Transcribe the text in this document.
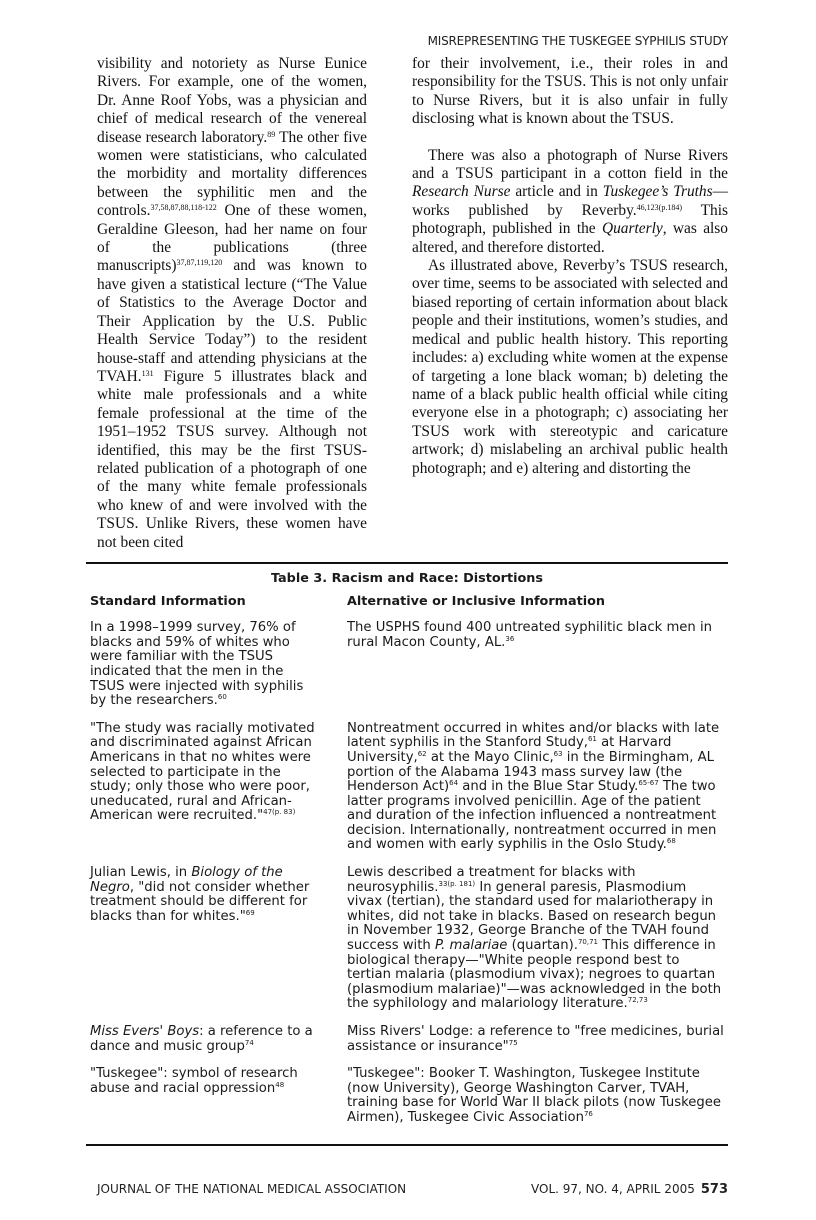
MISREPRESENTING THE TUSKEGEE SYPHILIS STUDY

visibility and notoriety as Nurse Eunice Rivers. For example, one of the women, Dr. Anne Roof Yobs, was a physician and chief of medical research of the venereal disease research laboratory.$^{89}$ The other five women were statisticians, who calculated the morbidity and mortality differences between the syphilitic men and the controls.$^{37,58,87,88,118-122}$ One of these women, Geraldine Gleeson, had her name on four of the publications (three manuscripts)$^{37,87,119,120}$ and was known to have given a statistical lecture (“The Value of Statistics to the Average Doctor and Their Application by the U.S. Public Health Service Today”) to the resident house-staff and attending physicians at the TVAH.$^{131}$ Figure 5 illustrates black and white male professionals and a white female professional at the time of the 1951–1952 TSUS survey. Although not identified, this may be the first TSUS-related publication of a photograph of one of the many white female professionals who knew of and were involved with the TSUS. Unlike Rivers, these women have not been cited

for their involvement, i.e., their roles in and responsibility for the TSUS. This is not only unfair to Nurse Rivers, but it is also unfair in fully disclosing what is known about the TSUS.

There was also a photograph of Nurse Rivers and a TSUS participant in a cotton field in the Research Nurse article and in Tuskegee’s Truths—works published by Reverby.$^{46,123(p.184)}$ This photograph, published in the Quarterly, was also altered, and therefore distorted.

As illustrated above, Reverby’s TSUS research, over time, seems to be associated with selected and biased reporting of certain information about black people and their institutions, women’s studies, and medical and public health history. This reporting includes: a) excluding white women at the expense of targeting a lone black woman; b) deleting the name of a black public health official while citing everyone else in a photograph; c) associating her TSUS work with stereotypic and caricature artwork; d) mislabeling an archival public health photograph; and e) altering and distorting the

Table 3. Racism and Race: Distortions
Standard Information	Alternative or Inclusive Information
In a 1998–1999 survey, 76% of blacks and 59% of whites who were familiar with the TSUS indicated that the men in the TSUS were injected with syphilis by the researchers.$^{60}$
The USPHS found 400 untreated syphilitic black men in rural Macon County, AL.$^{36}$
"The study was racially motivated and discriminated against African Americans in that no whites were selected to participate in the study; only those who were poor, uneducated, rural and African-American were recruited."$^{47(p. 83)}$
Nontreatment occurred in whites and/or blacks with late latent syphilis in the Stanford Study,$^{61}$ at Harvard University,$^{62}$ at the Mayo Clinic,$^{63}$ in the Birmingham, AL portion of the Alabama 1943 mass survey law (the Henderson Act)$^{64}$ and in the Blue Star Study.$^{65-67}$ The two latter programs involved penicillin. Age of the patient and duration of the infection influenced a nontreatment decision. Internationally, nontreatment occurred in men and women with early syphilis in the Oslo Study.$^{68}$
Julian Lewis, in Biology of the Negro, "did not consider whether treatment should be different for blacks than for whites."$^{69}$
Lewis described a treatment for blacks with neurosyphilis.$^{33(p. 181)}$ In general paresis, Plasmodium vivax (tertian), the standard used for malariotherapy in whites, did not take in blacks. Based on research begun in November 1932, George Branche of the TVAH found success with P. malariae (quartan).$^{70,71}$ This difference in biological therapy—"White people respond best to tertian malaria (plasmodium vivax); negroes to quartan (plasmodium malariae)"—was acknowledged in the both the syphilology and malariology literature.$^{72,73}$
Miss Evers' Boys: a reference to a dance and music group$^{74}$
Miss Rivers' Lodge: a reference to "free medicines, burial assistance or insurance"$^{75}$
"Tuskegee": symbol of research abuse and racial oppression$^{48}$
"Tuskegee": Booker T. Washington, Tuskegee Institute (now University), George Washington Carver, TVAH, training base for World War II black pilots (now Tuskegee Airmen), Tuskegee Civic Association$^{76}$
JOURNAL OF THE NATIONAL MEDICAL ASSOCIATION	VOL. 97, NO. 4, APRIL 2005 573
